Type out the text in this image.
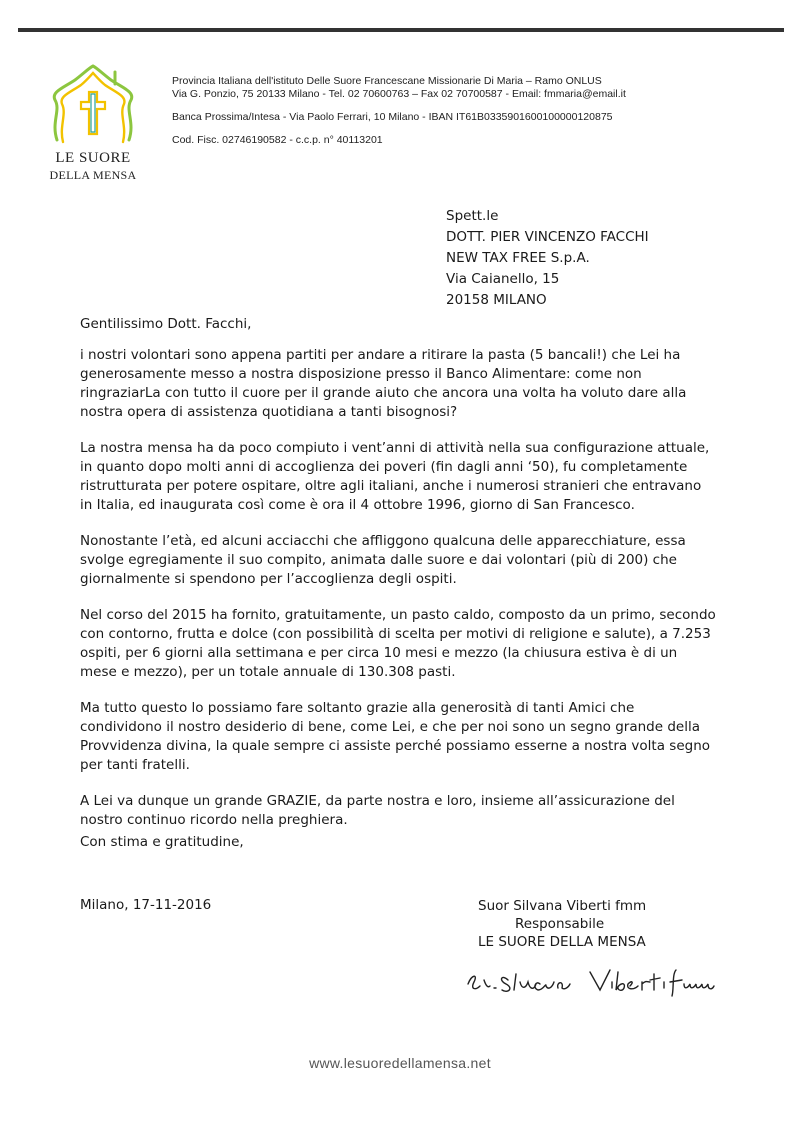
LE SUORE
DELLA MENSA
Provincia Italiana dell'istituto Delle Suore Francescane Missionarie Di Maria – Ramo ONLUS
Via G. Ponzio, 75 20133 Milano - Tel. 02 70600763 – Fax 02 70700587 - Email: fmmaria@email.it
Banca Prossima/Intesa - Via Paolo Ferrari, 10 Milano - IBAN IT61B0335901600100000120875
Cod. Fisc. 02746190582 - c.c.p. n° 40113201
Spett.le
DOTT. PIER VINCENZO FACCHI
NEW TAX FREE S.p.A.
Via Caianello, 15
20158 MILANO
Gentilissimo Dott. Facchi,

i nostri volontari sono appena partiti per andare a ritirare la pasta (5 bancali!) che Lei ha generosamente messo a nostra disposizione presso il Banco Alimentare: come non ringraziarLa con tutto il cuore per il grande aiuto che ancora una volta ha voluto dare alla nostra opera di assistenza quotidiana a tanti bisognosi?

La nostra mensa ha da poco compiuto i vent’anni di attività nella sua configurazione attuale, in quanto dopo molti anni di accoglienza dei poveri (fin dagli anni ‘50), fu completamente ristrutturata per potere ospitare, oltre agli italiani, anche i numerosi stranieri che entravano in Italia, ed inaugurata così come è ora il 4 ottobre 1996, giorno di San Francesco.

Nonostante l’età, ed alcuni acciacchi che affliggono qualcuna delle apparecchiature, essa svolge egregiamente il suo compito, animata dalle suore e dai volontari (più di 200) che giornalmente si spendono per l’accoglienza degli ospiti.

Nel corso del 2015 ha fornito, gratuitamente, un pasto caldo, composto da un primo, secondo con contorno, frutta e dolce (con possibilità di scelta per motivi di religione e salute), a 7.253 ospiti, per 6 giorni alla settimana e per circa 10 mesi e mezzo (la chiusura estiva è di un mese e mezzo), per un totale annuale di 130.308 pasti.

Ma tutto questo lo possiamo fare soltanto grazie alla generosità di tanti Amici che condividono il nostro desiderio di bene, come Lei, e che per noi sono un segno grande della Provvidenza divina, la quale sempre ci assiste perché possiamo esserne a nostra volta segno per tanti fratelli.

A Lei va dunque un grande GRAZIE, da parte nostra e loro, insieme all’assicurazione del nostro continuo ricordo nella preghiera.

Con stima e gratitudine,
Milano, 17-11-2016	Suor Silvana Viberti fmm
Responsabile
LE SUORE DELLA MENSA
www.lesuoredellamensa.net
